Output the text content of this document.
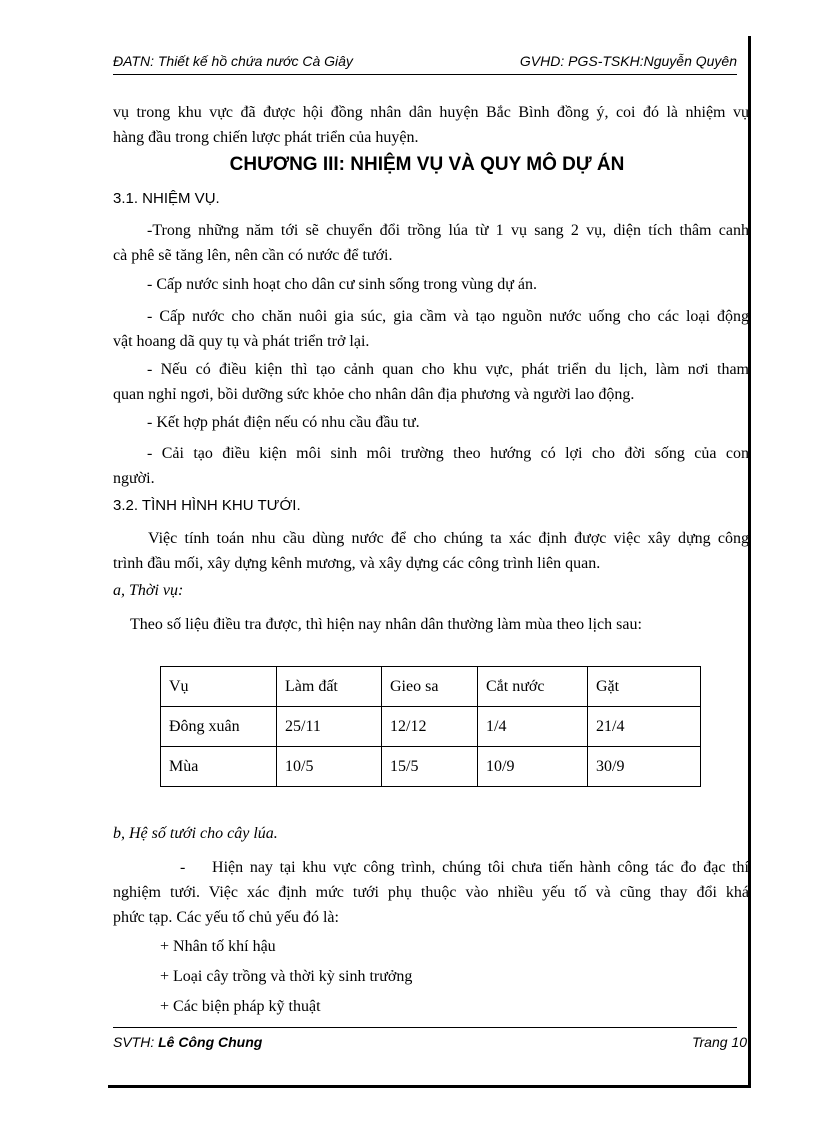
ĐATN: Thiết kế hồ chứa nước Cà Giây	GVHD: PGS-TSKH:Nguyễn Quyên
vụ trong khu vực đã được hội đồng nhân dân huyện Bắc Bình đồng ý, coi đó là nhiệm vụ
hàng đầu trong chiến lược phát triển của huyện.
CHƯƠNG III: NHIỆM VỤ VÀ QUY MÔ DỰ ÁN
3.1. NHIỆM VỤ.
-Trong những năm tới sẽ chuyển đổi trồng lúa từ 1 vụ sang 2 vụ, diện tích thâm canh
cà phê sẽ tăng lên, nên cần có nước để tưới.
- Cấp nước sinh hoạt cho dân cư sinh sống trong vùng dự án.
- Cấp nước cho chăn nuôi gia súc, gia cầm và tạo nguồn nước uống cho các loại động
vật hoang dã quy tụ và phát triển trở lại.
- Nếu có điều kiện thì tạo cảnh quan cho khu vực, phát triển du lịch, làm nơi tham
quan nghỉ ngơi, bồi dưỡng sức khỏe cho nhân dân địa phương và người lao động.
- Kết hợp phát điện nếu có nhu cầu đầu tư.
- Cải tạo điều kiện môi sinh môi trường theo hướng có lợi cho đời sống của con
người.
3.2. TÌNH HÌNH KHU TƯỚI.
Việc tính toán nhu cầu dùng nước để cho chúng ta xác định được việc xây dựng công
trình đầu mối, xây dựng kênh mương, và xây dựng các công trình liên quan.
a, Thời vụ:
Theo số liệu điều tra được, thì hiện nay nhân dân thường làm mùa theo lịch sau:
Vụ	Làm đất	Gieo sa	Cắt nước	Gặt
Đông xuân	25/11	12/12	1/4	21/4
Mùa	10/5	15/5	10/9	30/9
b, Hệ số tưới cho cây lúa.
-    Hiện nay tại khu vực công trình, chúng tôi chưa tiến hành công tác đo đạc thí
nghiệm tưới. Việc xác định mức tưới phụ thuộc vào nhiều yếu tố và cũng thay đổi khá
phức tạp. Các yếu tố chủ yếu đó là:
+ Nhân tố khí hậu
+ Loại cây trồng và thời kỳ sinh trưởng
+ Các biện pháp kỹ thuật
SVTH: Lê Công Chung	Trang 10
